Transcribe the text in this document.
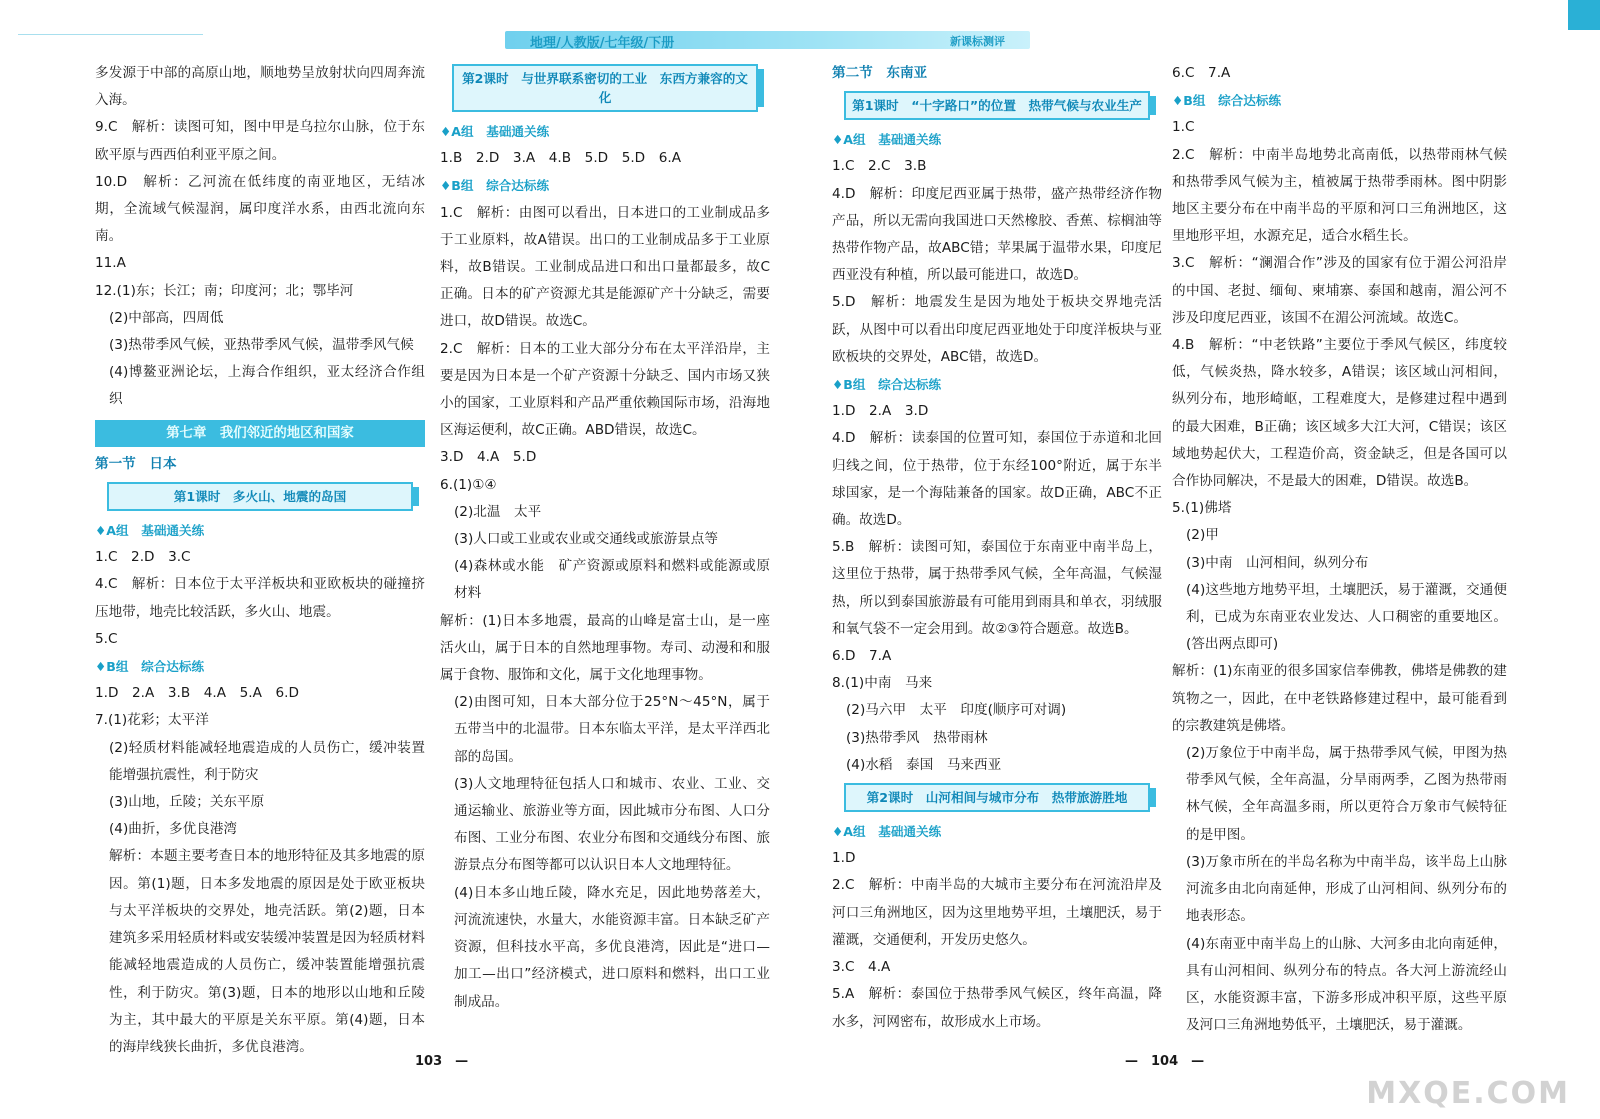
地理/人教版/七年级/下册	新课标测评

多发源于中部的高原山地，顺地势呈放射状向四周奔流入海。

9.C　解析：读图可知，图中甲是乌拉尔山脉，位于东欧平原与西西伯利亚平原之间。

10.D　解析：乙河流在低纬度的南亚地区，无结冰期，全流域气候湿润，属印度洋水系，由西北流向东南。

11.A

12.(1)东；长江；南；印度河；北；鄂毕河

(2)中部高，四周低

(3)热带季风气候，亚热带季风气候，温带季风气候

(4)博鳌亚洲论坛，上海合作组织，亚太经济合作组织

第七章　我们邻近的地区和国家

第一节　日本

第1课时　多火山、地震的岛国

♦A组　基础通关练

1.C　2.D　3.C

4.C　解析：日本位于太平洋板块和亚欧板块的碰撞挤压地带，地壳比较活跃，多火山、地震。

5.C

♦B组　综合达标练

1.D　2.A　3.B　4.A　5.A　6.D

7.(1)花彩；太平洋

(2)轻质材料能减轻地震造成的人员伤亡，缓冲装置能增强抗震性，利于防灾

(3)山地，丘陵；关东平原

(4)曲折，多优良港湾

解析：本题主要考查日本的地形特征及其多地震的原因。第(1)题，日本多发地震的原因是处于欧亚板块与太平洋板块的交界处，地壳活跃。第(2)题，日本建筑多采用轻质材料或安装缓冲装置是因为轻质材料能减轻地震造成的人员伤亡，缓冲装置能增强抗震性，利于防灾。第(3)题，日本的地形以山地和丘陵为主，其中最大的平原是关东平原。第(4)题，日本的海岸线狭长曲折，多优良港湾。

第2课时　与世界联系密切的工业　东西方兼容的文化

♦A组　基础通关练

1.B　2.D　3.A　4.B　5.D　5.D　6.A

♦B组　综合达标练

1.C　解析：由图可以看出，日本进口的工业制成品多于工业原料，故A错误。出口的工业制成品多于工业原料，故B错误。工业制成品进口和出口量都最多，故C正确。日本的矿产资源尤其是能源矿产十分缺乏，需要进口，故D错误。故选C。

2.C　解析：日本的工业大部分分布在太平洋沿岸，主要是因为日本是一个矿产资源十分缺乏、国内市场又狭小的国家，工业原料和产品严重依赖国际市场，沿海地区海运便利，故C正确。ABD错误，故选C。

3.D　4.A　5.D

6.(1)①④

(2)北温　太平

(3)人口或工业或农业或交通线或旅游景点等

(4)森林或水能　矿产资源或原料和燃料或能源或原材料

解析：(1)日本多地震，最高的山峰是富士山，是一座活火山，属于日本的自然地理事物。寿司、动漫和和服属于食物、服饰和文化，属于文化地理事物。

(2)由图可知，日本大部分位于25°N～45°N，属于五带当中的北温带。日本东临太平洋，是太平洋西北部的岛国。

(3)人文地理特征包括人口和城市、农业、工业、交通运输业、旅游业等方面，因此城市分布图、人口分布图、工业分布图、农业分布图和交通线分布图、旅游景点分布图等都可以认识日本人文地理特征。

(4)日本多山地丘陵，降水充足，因此地势落差大，河流流速快，水量大，水能资源丰富。日本缺乏矿产资源，但科技水平高，多优良港湾，因此是“进口—加工—出口”经济模式，进口原料和燃料，出口工业制成品。

第二节　东南亚

第1课时　“十字路口”的位置　热带气候与农业生产

♦A组　基础通关练

1.C　2.C　3.B

4.D　解析：印度尼西亚属于热带，盛产热带经济作物产品，所以无需向我国进口天然橡胶、香蕉、棕榈油等热带作物产品，故ABC错；苹果属于温带水果，印度尼西亚没有种植，所以最可能进口，故选D。

5.D　解析：地震发生是因为地处于板块交界地壳活跃，从图中可以看出印度尼西亚地处于印度洋板块与亚欧板块的交界处，ABC错，故选D。

♦B组　综合达标练

1.D　2.A　3.D

4.D　解析：读泰国的位置可知，泰国位于赤道和北回归线之间，位于热带，位于东经100°附近，属于东半球国家，是一个海陆兼备的国家。故D正确，ABC不正确。故选D。

5.B　解析：读图可知，泰国位于东南亚中南半岛上，这里位于热带，属于热带季风气候，全年高温，气候湿热，所以到泰国旅游最有可能用到雨具和单衣，羽绒服和氧气袋不一定会用到。故②③符合题意。故选B。

6.D　7.A

8.(1)中南　马来

(2)马六甲　太平　印度(顺序可对调)

(3)热带季风　热带雨林

(4)水稻　泰国　马来西亚

第2课时　山河相间与城市分布　热带旅游胜地

♦A组　基础通关练

1.D

2.C　解析：中南半岛的大城市主要分布在河流沿岸及河口三角洲地区，因为这里地势平坦，土壤肥沃，易于灌溉，交通便利，开发历史悠久。

3.C　4.A

5.A　解析：泰国位于热带季风气候区，终年高温，降水多，河网密布，故形成水上市场。

6.C　7.A

♦B组　综合达标练

1.C

2.C　解析：中南半岛地势北高南低，以热带雨林气候和热带季风气候为主，植被属于热带季雨林。图中阴影地区主要分布在中南半岛的平原和河口三角洲地区，这里地形平坦，水源充足，适合水稻生长。

3.C　解析：“澜湄合作”涉及的国家有位于湄公河沿岸的中国、老挝、缅甸、柬埔寨、泰国和越南，湄公河不涉及印度尼西亚，该国不在湄公河流域。故选C。

4.B　解析：“中老铁路”主要位于季风气候区，纬度较低，气候炎热，降水较多，A错误；该区域山河相间，纵列分布，地形崎岖，工程难度大，是修建过程中遇到的最大困难，B正确；该区域多大江大河，C错误；该区域地势起伏大，工程造价高，资金缺乏，但是各国可以合作协同解决，不是最大的困难，D错误。故选B。

5.(1)佛塔

(2)甲

(3)中南　山河相间，纵列分布

(4)这些地方地势平坦，土壤肥沃，易于灌溉，交通便利，已成为东南亚农业发达、人口稠密的重要地区。(答出两点即可)

解析：(1)东南亚的很多国家信奉佛教，佛塔是佛教的建筑物之一，因此，在中老铁路修建过程中，最可能看到的宗教建筑是佛塔。

(2)万象位于中南半岛，属于热带季风气候，甲图为热带季风气候，全年高温，分旱雨两季，乙图为热带雨林气候，全年高温多雨，所以更符合万象市气候特征的是甲图。

(3)万象市所在的半岛名称为中南半岛，该半岛上山脉河流多由北向南延伸，形成了山河相间、纵列分布的地表形态。

(4)东南亚中南半岛上的山脉、大河多由北向南延伸，具有山河相间、纵列分布的特点。各大河上游流经山区，水能资源丰富，下游多形成冲积平原，这些平原及河口三角洲地势低平，土壤肥沃，易于灌溉。

103　—	—　104　—
MXQE.COM
